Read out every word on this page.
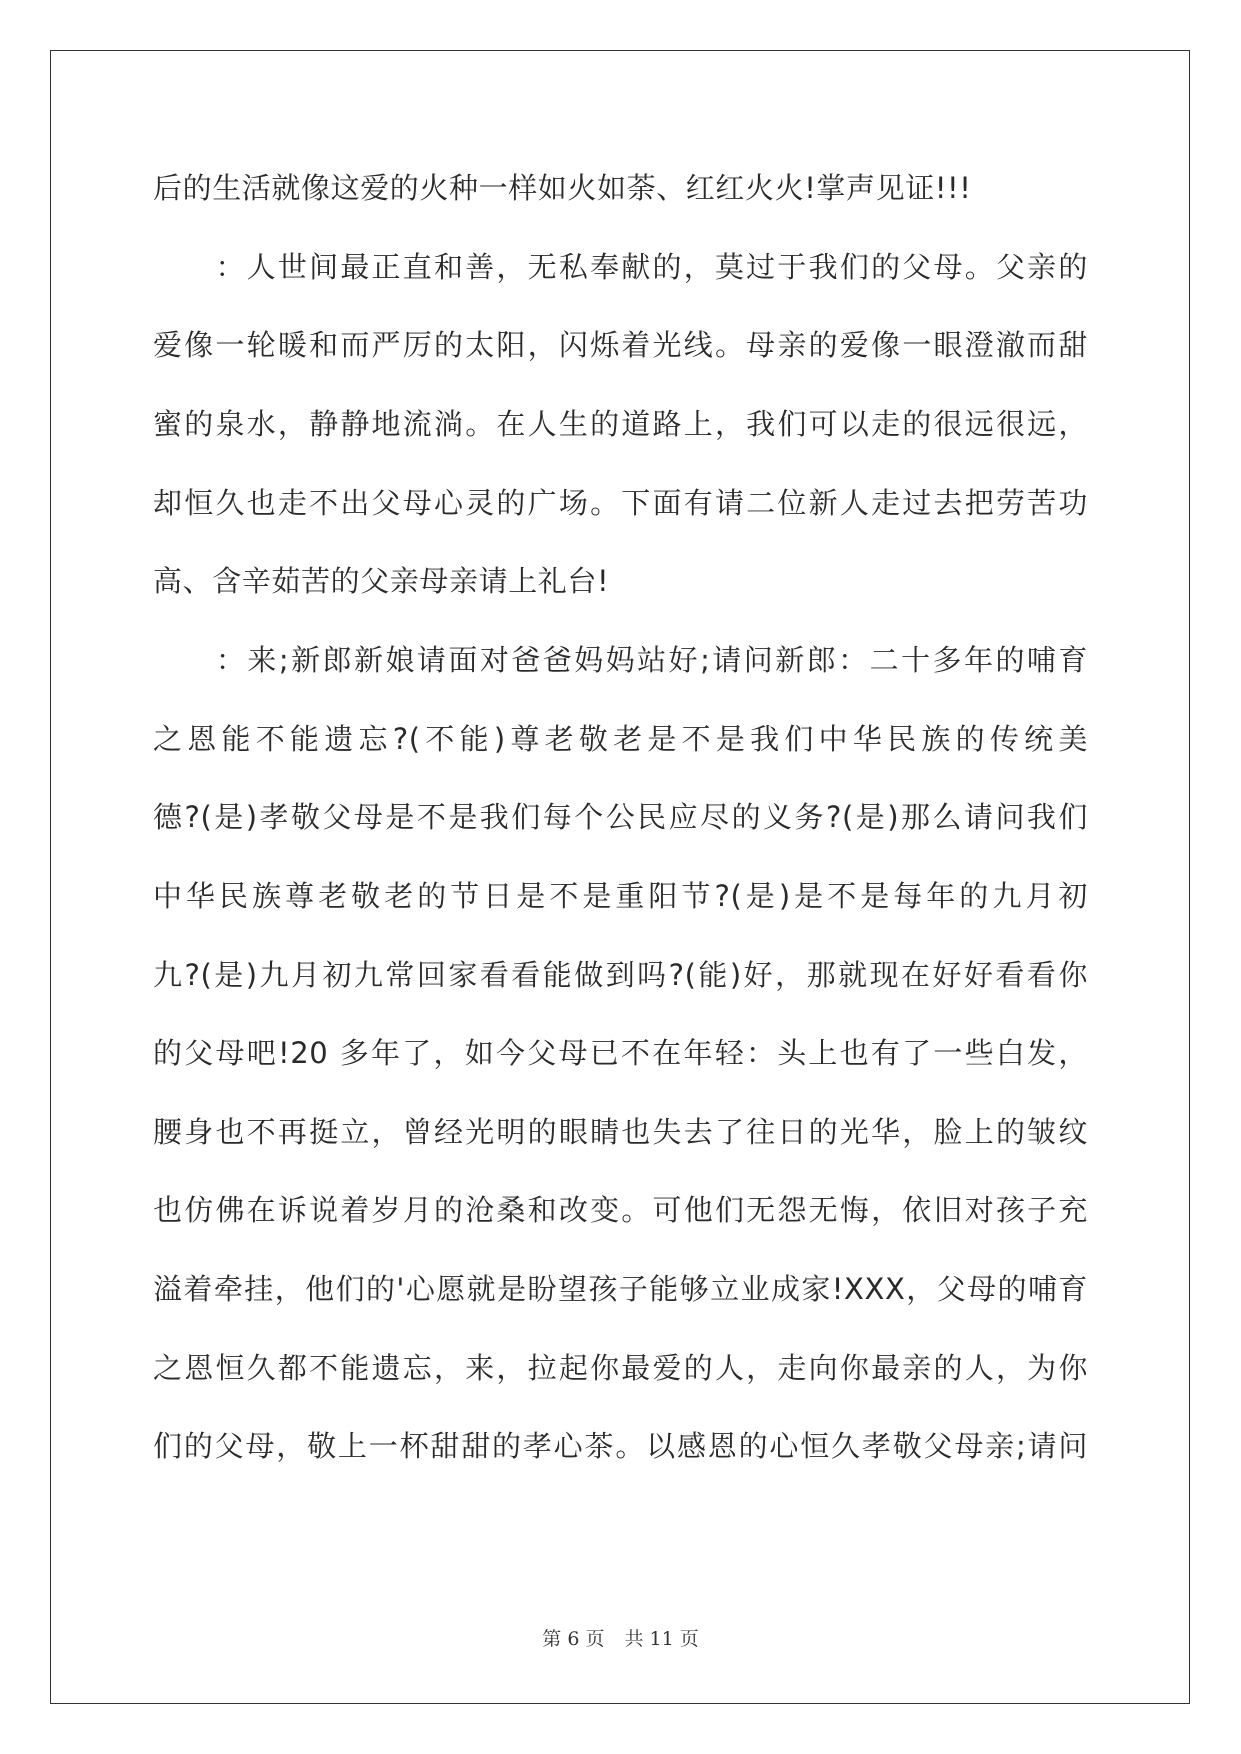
后的生活就像这爱的火种一样如火如荼、红红火火!掌声见证!!!
　　：人世间最正直和善，无私奉献的，莫过于我们的父母。父亲的
爱像一轮暖和而严厉的太阳，闪烁着光线。母亲的爱像一眼澄澈而甜
蜜的泉水，静静地流淌。在人生的道路上，我们可以走的很远很远，
却恒久也走不出父母心灵的广场。下面有请二位新人走过去把劳苦功
高、含辛茹苦的父亲母亲请上礼台!
　　：来;新郎新娘请面对爸爸妈妈站好;请问新郎：二十多年的哺育
之恩能不能遗忘?(不能)尊老敬老是不是我们中华民族的传统美
德?(是)孝敬父母是不是我们每个公民应尽的义务?(是)那么请问我们
中华民族尊老敬老的节日是不是重阳节?(是)是不是每年的九月初
九?(是)九月初九常回家看看能做到吗?(能)好，那就现在好好看看你
的父母吧!20 多年了，如今父母已不在年轻：头上也有了一些白发，
腰身也不再挺立，曾经光明的眼睛也失去了往日的光华，脸上的皱纹
也仿佛在诉说着岁月的沧桑和改变。可他们无怨无悔，依旧对孩子充
溢着牵挂，他们的'心愿就是盼望孩子能够立业成家!XXX，父母的哺育
之恩恒久都不能遗忘，来，拉起你最爱的人，走向你最亲的人，为你
们的父母，敬上一杯甜甜的孝心茶。以感恩的心恒久孝敬父母亲;请问
第 6 页 共 11 页
